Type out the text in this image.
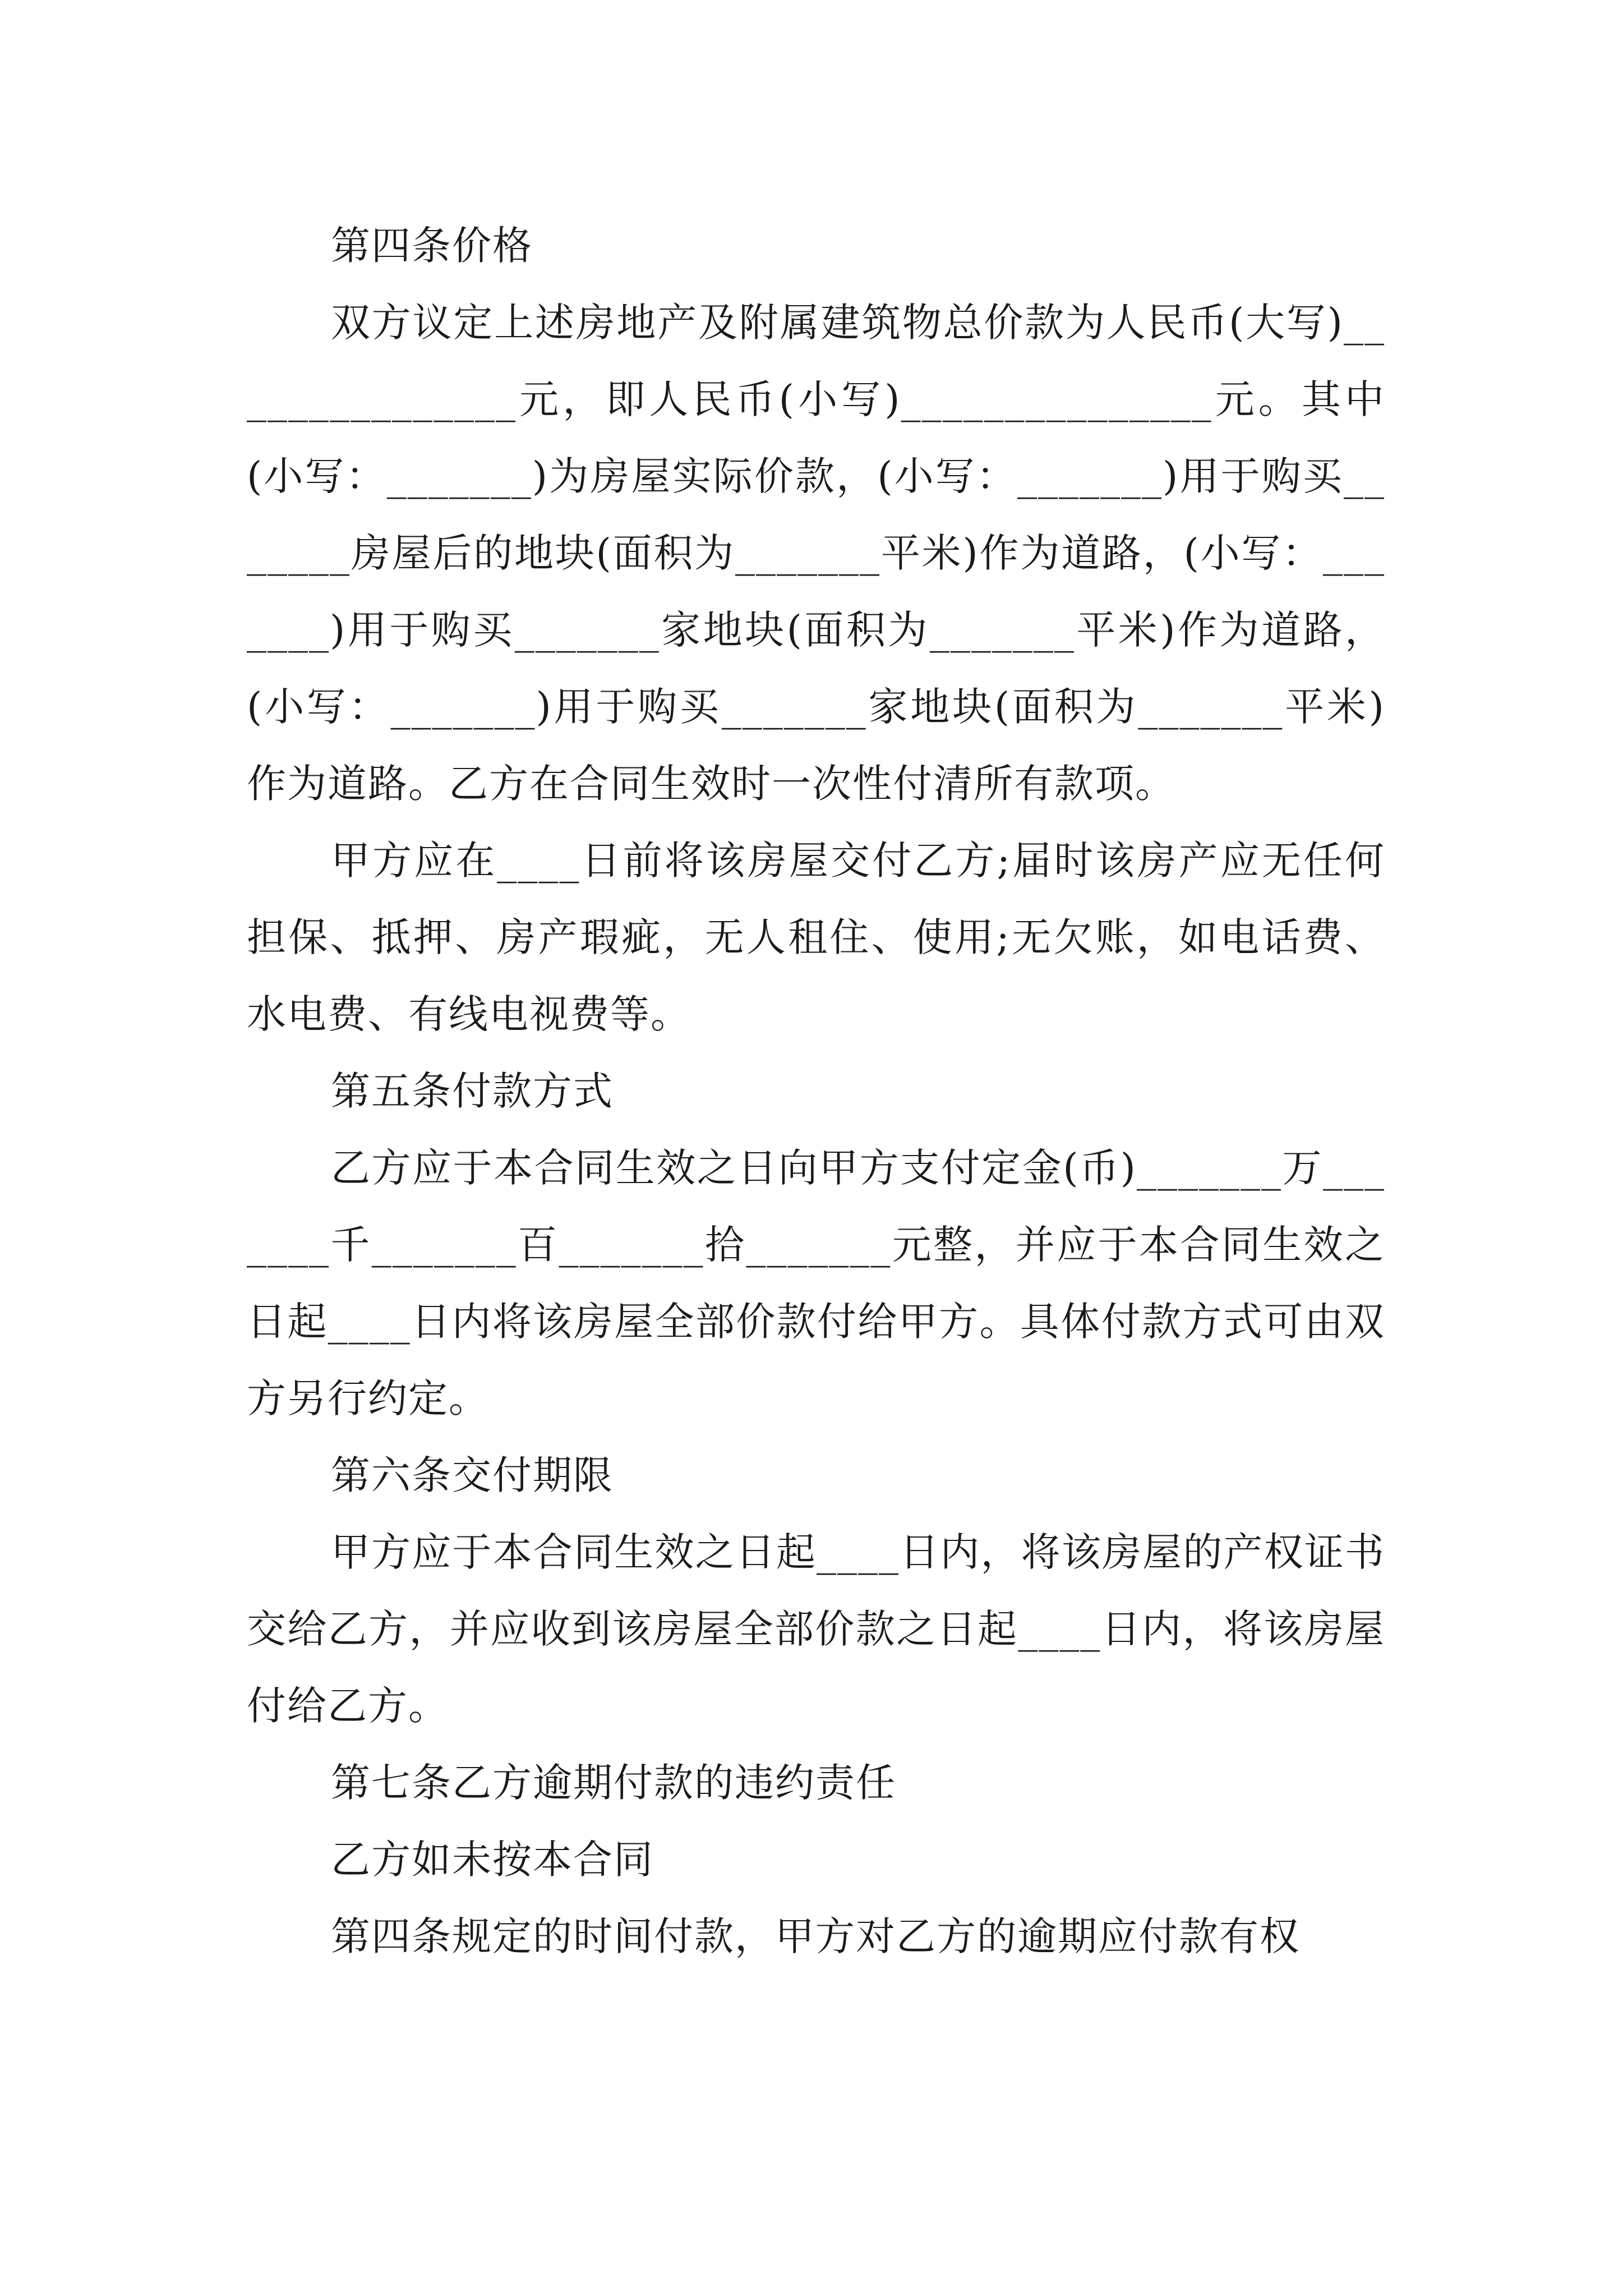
第四条价格

双方议定上述房地产及附属建筑物总价款为人民币(大写)_______________元，即人民币(小写)_______________元。其中(小写：_______)为房屋实际价款，(小写：_______)用于购买_______房屋后的地块(面积为_______平米)作为道路，(小写：_______)用于购买_______家地块(面积为_______平米)作为道路，(小写：_______)用于购买_______家地块(面积为_______平米)作为道路。乙方在合同生效时一次性付清所有款项。

甲方应在____日前将该房屋交付乙方;届时该房产应无任何担保、抵押、房产瑕疵，无人租住、使用;无欠账，如电话费、水电费、有线电视费等。

第五条付款方式

乙方应于本合同生效之日向甲方支付定金(币)_______万_______千_______百_______拾_______元整，并应于本合同生效之日起____日内将该房屋全部价款付给甲方。具体付款方式可由双方另行约定。

第六条交付期限

甲方应于本合同生效之日起____日内，将该房屋的产权证书交给乙方，并应收到该房屋全部价款之日起____日内，将该房屋付给乙方。

第七条乙方逾期付款的违约责任

乙方如未按本合同

第四条规定的时间付款，甲方对乙方的逾期应付款有权
